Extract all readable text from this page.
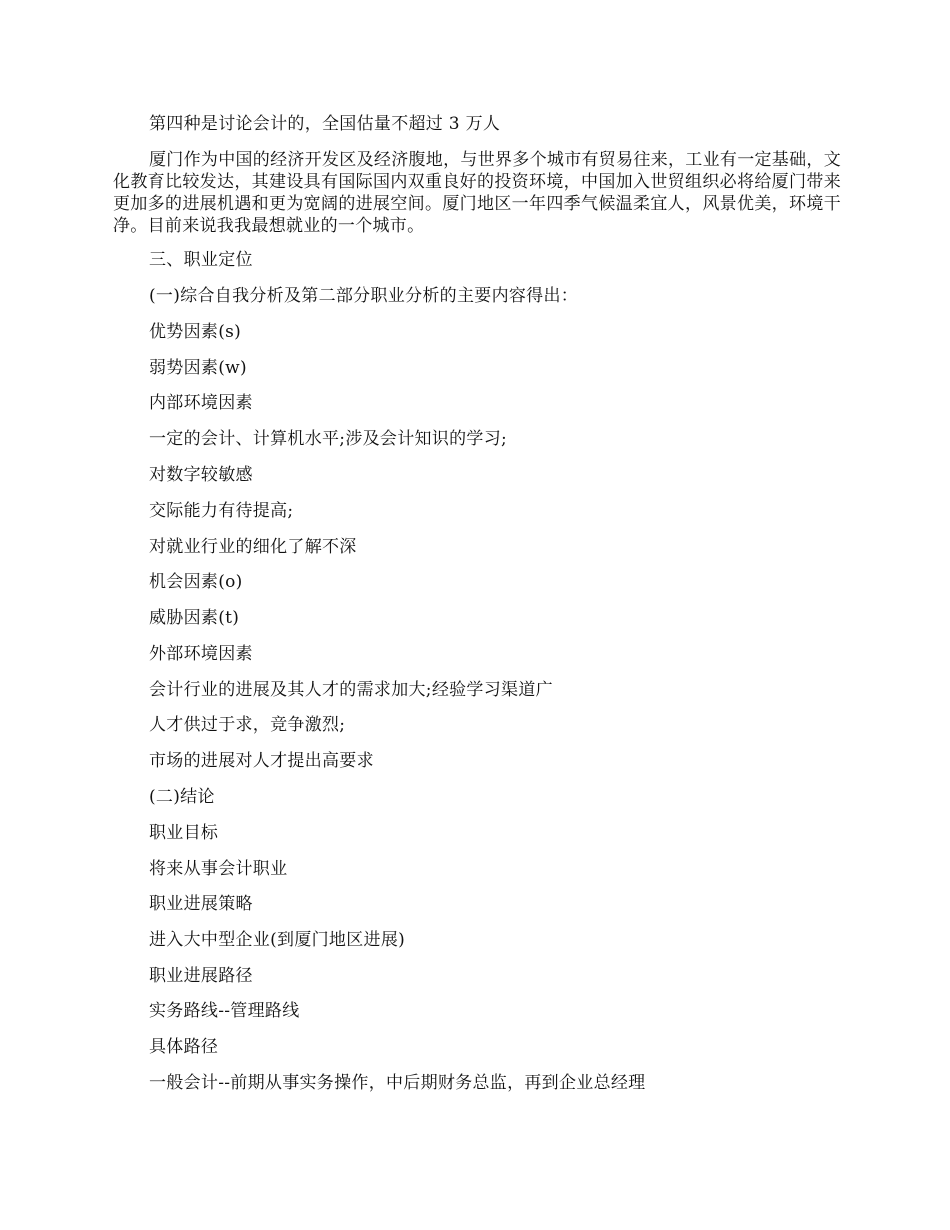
第四种是讨论会计的，全国估量不超过 3 万人

厦门作为中国的经济开发区及经济腹地，与世界多个城市有贸易往来，工业有一定基础，文化教育比较发达，其建设具有国际国内双重良好的投资环境，中国加入世贸组织必将给厦门带来更加多的进展机遇和更为宽阔的进展空间。厦门地区一年四季气候温柔宜人，风景优美，环境干净。目前来说我我最想就业的一个城市。

三、职业定位

(一)综合自我分析及第二部分职业分析的主要内容得出：

优势因素(s)

弱势因素(w)

内部环境因素

一定的会计、计算机水平;涉及会计知识的学习;

对数字较敏感

交际能力有待提高;

对就业行业的细化了解不深

机会因素(o)

威胁因素(t)

外部环境因素

会计行业的进展及其人才的需求加大;经验学习渠道广

人才供过于求，竞争激烈;

市场的进展对人才提出高要求

(二)结论

职业目标

将来从事会计职业

职业进展策略

进入大中型企业(到厦门地区进展)

职业进展路径

实务路线--管理路线

具体路径

一般会计--前期从事实务操作，中后期财务总监，再到企业总经理
